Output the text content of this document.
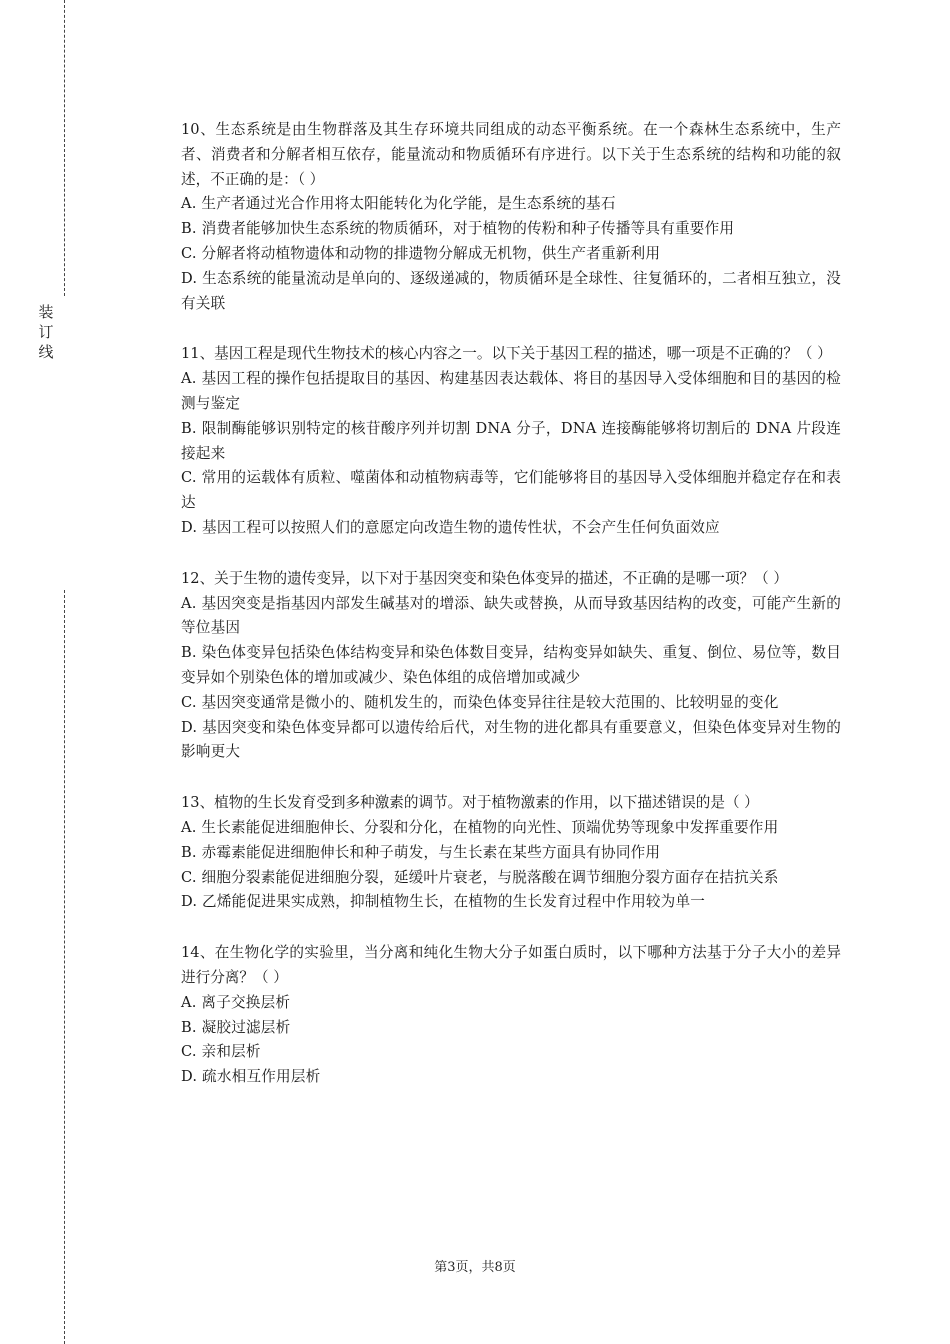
装
订
线

10、生态系统是由生物群落及其生存环境共同组成的动态平衡系统。在一个森林生态系统中，生产者、消费者和分解者相互依存，能量流动和物质循环有序进行。以下关于生态系统的结构和功能的叙述，不正确的是：（ ）

A. 生产者通过光合作用将太阳能转化为化学能，是生态系统的基石

B. 消费者能够加快生态系统的物质循环，对于植物的传粉和种子传播等具有重要作用

C. 分解者将动植物遗体和动物的排遗物分解成无机物，供生产者重新利用

D. 生态系统的能量流动是单向的、逐级递减的，物质循环是全球性、往复循环的，二者相互独立，没有关联

11、基因工程是现代生物技术的核心内容之一。以下关于基因工程的描述，哪一项是不正确的？（ ）

A. 基因工程的操作包括提取目的基因、构建基因表达载体、将目的基因导入受体细胞和目的基因的检测与鉴定

B. 限制酶能够识别特定的核苷酸序列并切割 DNA 分子，DNA 连接酶能够将切割后的 DNA 片段连接起来

C. 常用的运载体有质粒、噬菌体和动植物病毒等，它们能够将目的基因导入受体细胞并稳定存在和表达

D. 基因工程可以按照人们的意愿定向改造生物的遗传性状，不会产生任何负面效应

12、关于生物的遗传变异，以下对于基因突变和染色体变异的描述，不正确的是哪一项？（ ）

A. 基因突变是指基因内部发生碱基对的增添、缺失或替换，从而导致基因结构的改变，可能产生新的等位基因

B. 染色体变异包括染色体结构变异和染色体数目变异，结构变异如缺失、重复、倒位、易位等，数目变异如个别染色体的增加或减少、染色体组的成倍增加或减少

C. 基因突变通常是微小的、随机发生的，而染色体变异往往是较大范围的、比较明显的变化

D. 基因突变和染色体变异都可以遗传给后代，对生物的进化都具有重要意义，但染色体变异对生物的影响更大

13、植物的生长发育受到多种激素的调节。对于植物激素的作用，以下描述错误的是（ ）

A. 生长素能促进细胞伸长、分裂和分化，在植物的向光性、顶端优势等现象中发挥重要作用

B. 赤霉素能促进细胞伸长和种子萌发，与生长素在某些方面具有协同作用

C. 细胞分裂素能促进细胞分裂，延缓叶片衰老，与脱落酸在调节细胞分裂方面存在拮抗关系

D. 乙烯能促进果实成熟，抑制植物生长，在植物的生长发育过程中作用较为单一

14、在生物化学的实验里，当分离和纯化生物大分子如蛋白质时，以下哪种方法基于分子大小的差异进行分离？（ ）

A. 离子交换层析

B. 凝胶过滤层析

C. 亲和层析

D. 疏水相互作用层析

第3页，共8页
